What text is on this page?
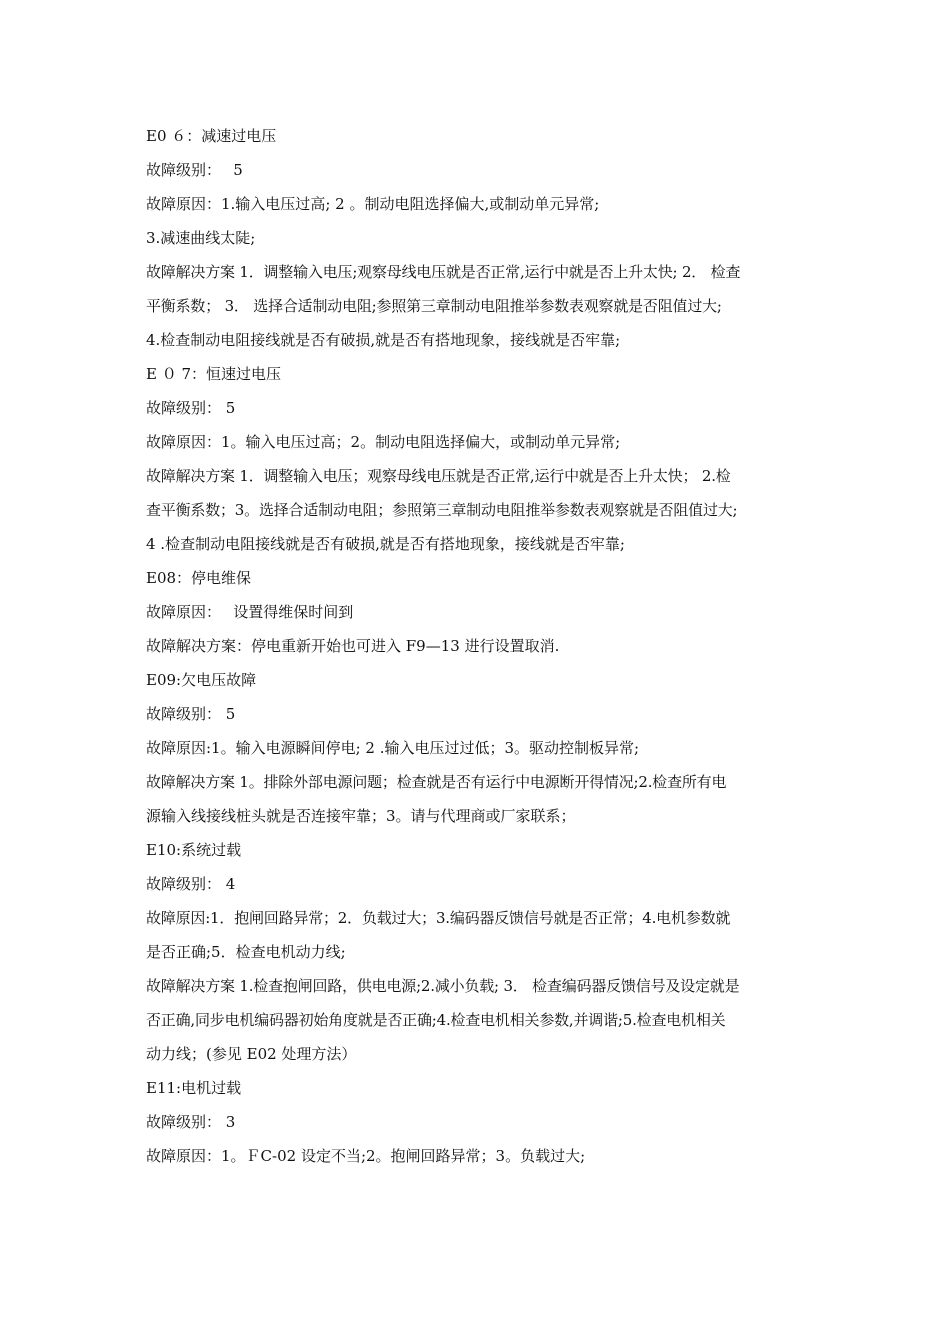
E0 ６：减速过电压
故障级别：　 5
故障原因：1.输入电压过高; 2 。制动电阻选择偏大,或制动单元异常;
3.减速曲线太陡;
故障解决方案 1．调整输入电压;观察母线电压就是否正常,运行中就是否上升太快; 2． 检查
平衡系数； 3． 选择合适制动电阻;参照第三章制动电阻推举参数表观察就是否阻值过大;
4.检查制动电阻接线就是否有破损,就是否有搭地现象，接线就是否牢靠;
E ０ 7：恒速过电压
故障级别： 5
故障原因：1。输入电压过高；2。制动电阻选择偏大，或制动单元异常;
故障解决方案 1．调整输入电压；观察母线电压就是否正常,运行中就是否上升太快； 2.检
查平衡系数；3。选择合适制动电阻；参照第三章制动电阻推举参数表观察就是否阻值过大;
4 .检查制动电阻接线就是否有破损,就是否有搭地现象，接线就是否牢靠;
E08：停电维保
故障原因：　 设置得维保时间到
故障解决方案：停电重新开始也可进入 F9—13 进行设置取消.
E09:欠电压故障
故障级别： 5
故障原因:1。输入电源瞬间停电; 2 .输入电压过过低；3。驱动控制板异常;
故障解决方案 1。排除外部电源问题；检查就是否有运行中电源断开得情况;2.检查所有电
源输入线接线桩头就是否连接牢靠；3。请与代理商或厂家联系；
E10:系统过载
故障级别： 4
故障原因:1．抱闸回路异常；2．负载过大；3.编码器反馈信号就是否正常；4.电机参数就
是否正确;5．检查电机动力线;
故障解决方案 1.检查抱闸回路，供电电源;2.减小负载; 3． 检查编码器反馈信号及设定就是
否正确,同步电机编码器初始角度就是否正确;4.检查电机相关参数,并调谐;5.检查电机相关
动力线；(参见 E02 处理方法）
E11:电机过载
故障级别： 3
故障原因：1。ＦC-02 设定不当;2。抱闸回路异常；3。负载过大;
